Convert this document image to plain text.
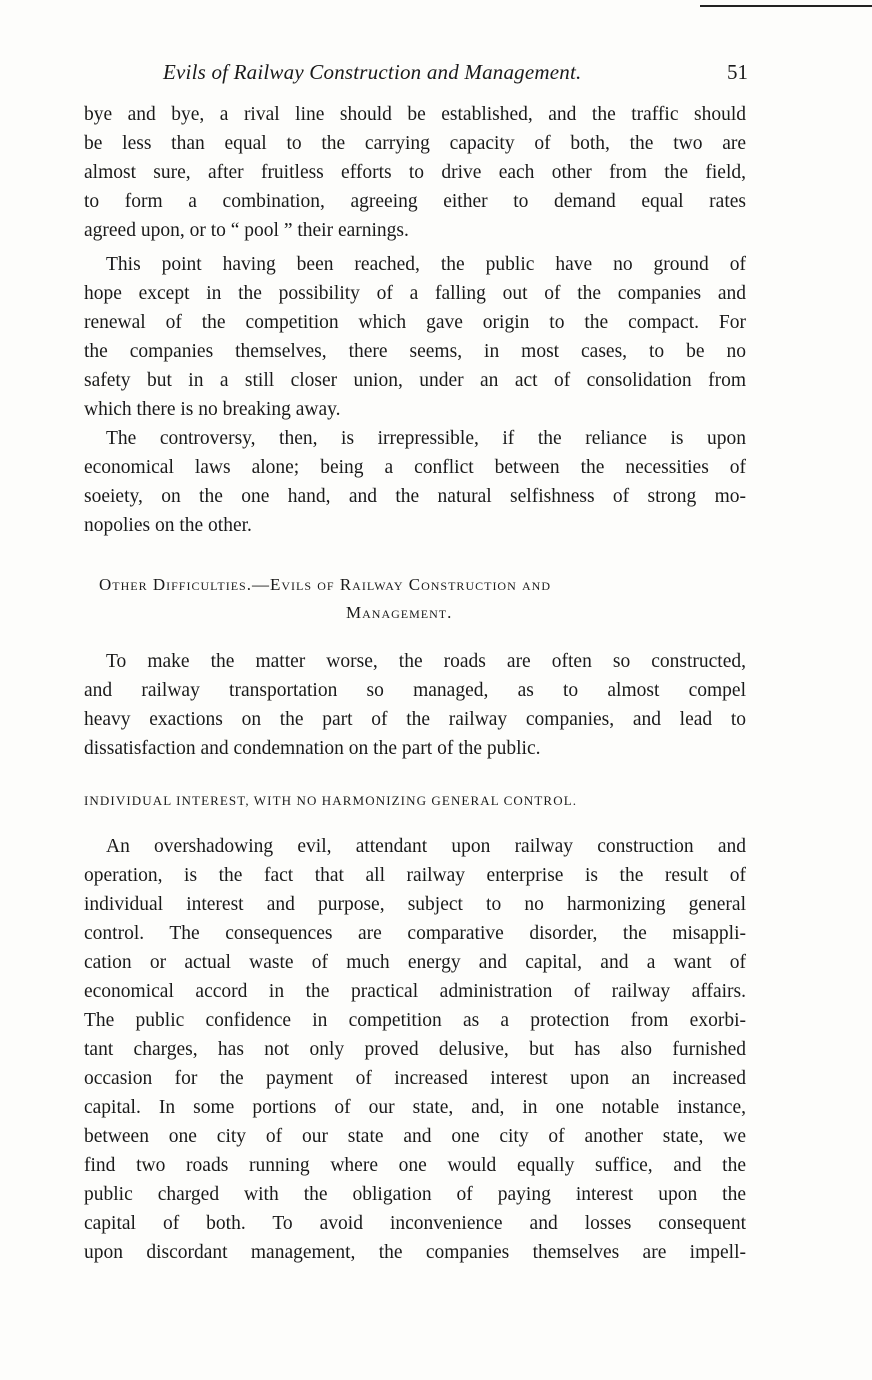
Evils of Railway Construction and Management.	51
bye and bye, a rival line should be established, and the traffic should
be less than equal to the carrying capacity of both, the two are
almost sure, after fruitless efforts to drive each other from the field,
to form a combination, agreeing either to demand equal rates
agreed upon, or to “ pool ” their earnings.
This point having been reached, the public have no ground of
hope except in the possibility of a falling out of the companies and
renewal of the competition which gave origin to the compact. For
the companies themselves, there seems, in most cases, to be no
safety but in a still closer union, under an act of consolidation from
which there is no breaking away.
The controversy, then, is irrepressible, if the reliance is upon
economical laws alone; being a conflict between the necessities of
soeiety, on the one hand, and the natural selfishness of strong mo-
nopolies on the other.
Other Difficulties.—Evils of Railway Construction and
Management.
To make the matter worse, the roads are often so constructed,
and railway transportation so managed, as to almost compel
heavy exactions on the part of the railway companies, and lead to
dissatisfaction and condemnation on the part of the public.
INDIVIDUAL INTEREST, WITH NO HARMONIZING GENERAL CONTROL.
An overshadowing evil, attendant upon railway construction and
operation, is the fact that all railway enterprise is the result of
individual interest and purpose, subject to no harmonizing general
control. The consequences are comparative disorder, the misappli-
cation or actual waste of much energy and capital, and a want of
economical accord in the practical administration of railway affairs.
The public confidence in competition as a protection from exorbi-
tant charges, has not only proved delusive, but has also furnished
occasion for the payment of increased interest upon an increased
capital. In some portions of our state, and, in one notable instance,
between one city of our state and one city of another state, we
find two roads running where one would equally suffice, and the
public charged with the obligation of paying interest upon the
capital of both. To avoid inconvenience and losses consequent
upon discordant management, the companies themselves are impell-
